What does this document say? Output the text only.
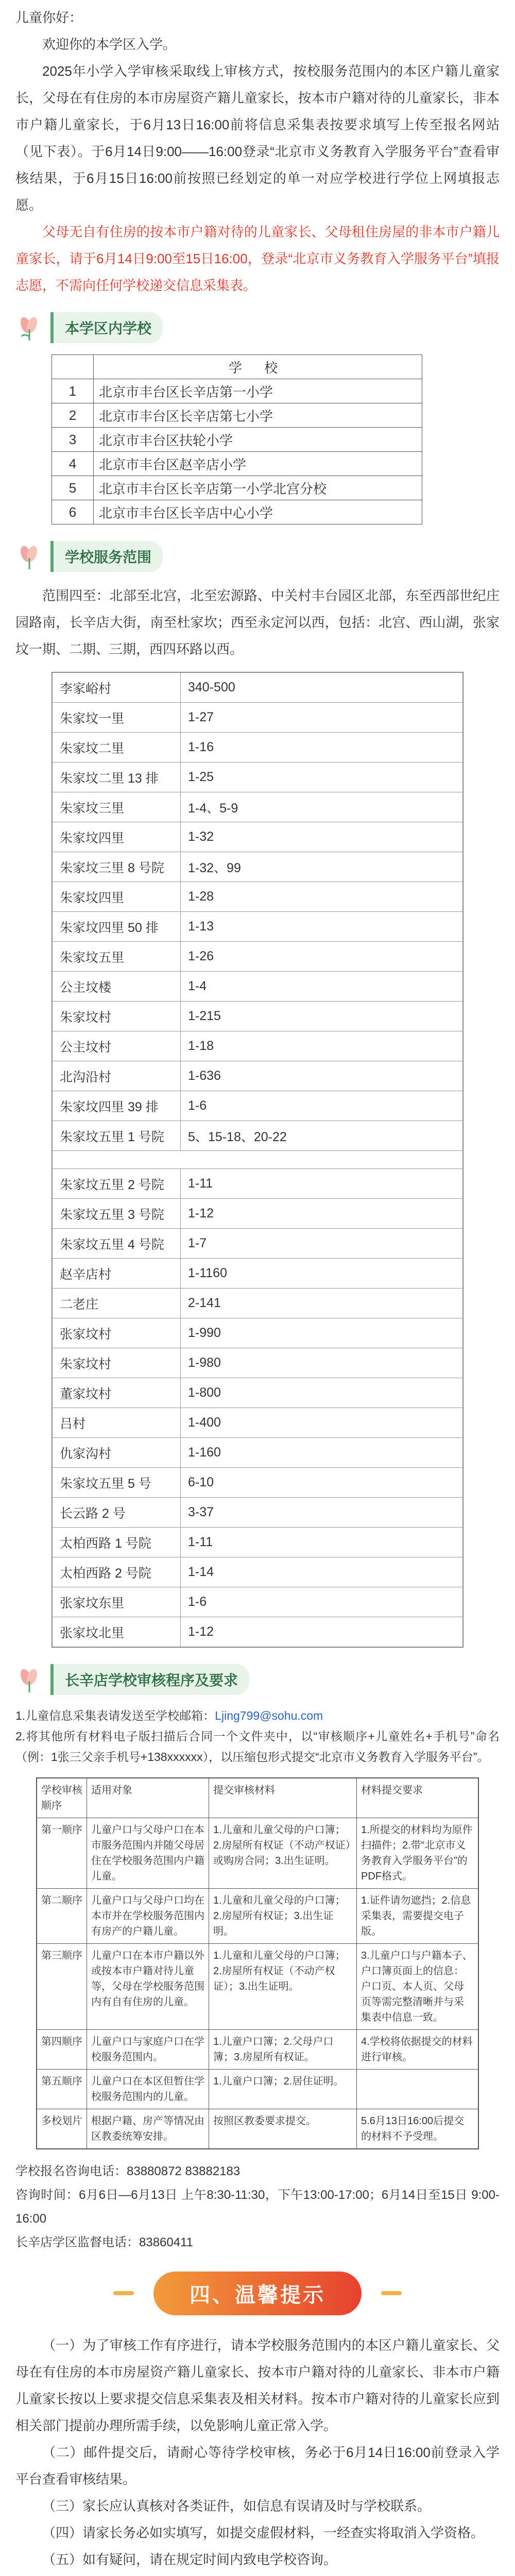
儿童你好：

欢迎你的本学区入学。

2025年小学入学审核采取线上审核方式，按校服务范围内的本区户籍儿童家长，父母在有住房的本市房屋资产籍儿童家长，按本市户籍对待的儿童家长，非本市户籍儿童家长，于6月13日16:00前将信息采集表按要求填写上传至报名网站（见下表）。于6月14日9:00——16:00登录“北京市义务教育入学服务平台”查看审核结果，于6月15日16:00前按照已经划定的单一对应学校进行学位上网填报志愿。

父母无自有住房的按本市户籍对待的儿童家长、父母租住房屋的非本市户籍儿童家长，请于6月14日9:00至15日16:00，登录“北京市义务教育入学服务平台”填报志愿，不需向任何学校递交信息采集表。

本学区内学校
	学 校
1	北京市丰台区长辛店第一小学
2	北京市丰台区长辛店第七小学
3	北京市丰台区扶轮小学
4	北京市丰台区赵辛店小学
5	北京市丰台区长辛店第一小学北宫分校
6	北京市丰台区长辛店中心小学
学校服务范围

范围四至：北部至北宫，北至宏源路、中关村丰台园区北部，东至西部世纪庄园路南，长辛店大街，南至杜家坎；西至永定河以西，包括：北宫、西山湖，张家坟一期、二期、三期，西四环路以西。

李家峪村	340-500
朱家坟一里	1-27
朱家坟二里	1-16
朱家坟二里 13 排	1-25
朱家坟三里	1-4、5-9
朱家坟四里	1-32
朱家坟三里 8 号院	1-32、99
朱家坟四里	1-28
朱家坟四里 50 排	1-13
朱家坟五里	1-26
公主坟楼	1-4
朱家坟村	1-215
公主坟村	1-18
北沟沿村	1-636
朱家坟四里 39 排	1-6
朱家坟五里 1 号院	5、15-18、20-22
朱家坟五里 2 号院	1-11
朱家坟五里 3 号院	1-12
朱家坟五里 4 号院	1-7
赵辛店村	1-1160
二老庄	2-141
张家坟村	1-990
朱家坟村	1-980
董家坟村	1-800
吕村	1-400
仇家沟村	1-160
朱家坟五里 5 号	6-10
长云路 2 号	3-37
太柏西路 1 号院	1-11
太柏西路 2 号院	1-14
张家坟东里	1-6
张家坟北里	1-12
长辛店学校审核程序及要求

1.儿童信息采集表请发送至学校邮箱：Ljing799@sohu.com

2.将其他所有材料电子版扫描后合同一个文件夹中，以“审核顺序+儿童姓名+手机号”命名（例：1张三父亲手机号+138xxxxxx），以压缩包形式提交“北京市义务教育入学服务平台”。

学校审核顺序	适用对象	提交审核材料	材料提交要求
第一顺序	儿童户口与父母户口在本市服务范围内并随父母居住在学校服务范围内户籍儿童。	1.儿童和儿童父母的户口簿；2.房屋所有权证（不动产权证）或购房合同；3.出生证明。	1.所提交的材料均为原件扫描件；2.带“北京市义务教育入学服务平台”的PDF格式。
第二顺序	儿童户口与父母户口均在本市并在学校服务范围内有房产的户籍儿童。	1.儿童和儿童父母的户口簿；2.房屋所有权证；3.出生证明。	1.证件请勿遮挡；2.信息采集表，需要提交电子版。
第三顺序	儿童户口在本市户籍以外或按本市户籍对待儿童等，父母在学校服务范围内有自有住房的儿童。	1.儿童和儿童父母的户口簿；2.房屋所有权证（不动产权证）；3.出生证明。	3.儿童户口与户籍本子、户口簿页面上的信息：户口页、本人页、父母页等需完整清晰并与采集表中信息一致。
第四顺序	儿童户口与家庭户口在学校服务范围内。	1.儿童户口簿；2.父母户口簿；3.房屋所有权证。	4.学校将依据提交的材料进行审核。
第五顺序	儿童户口在本区但暂住学校服务范围内的儿童。	1.儿童户口簿；2.居住证明。	
多校划片	根据户籍、房产等情况由区教委统筹安排。	按照区教委要求提交。	5.6月13日16:00后提交的材料不予受理。

学校报名咨询电话：83880872 83882183

咨询时间：6月6日—6月13日 上午8:30-11:30，下午13:00-17:00；6月14日至15日 9:00-16:00

长辛店学区监督电话：83860411

四、温馨提示

（一）为了审核工作有序进行，请本学校服务范围内的本区户籍儿童家长、父母在有住房的本市房屋资产籍儿童家长、按本市户籍对待的儿童家长、非本市户籍儿童家长按以上要求提交信息采集表及相关材料。按本市户籍对待的儿童家长应到相关部门提前办理所需手续，以免影响儿童正常入学。

（二）邮件提交后，请耐心等待学校审核，务必于6月14日16:00前登录入学平台查看审核结果。

（三）家长应认真核对各类证件，如信息有误请及时与学校联系。

（四）请家长务必如实填写，如提交虚假材料，一经查实将取消入学资格。

（五）如有疑问，请在规定时间内致电学校咨询。
